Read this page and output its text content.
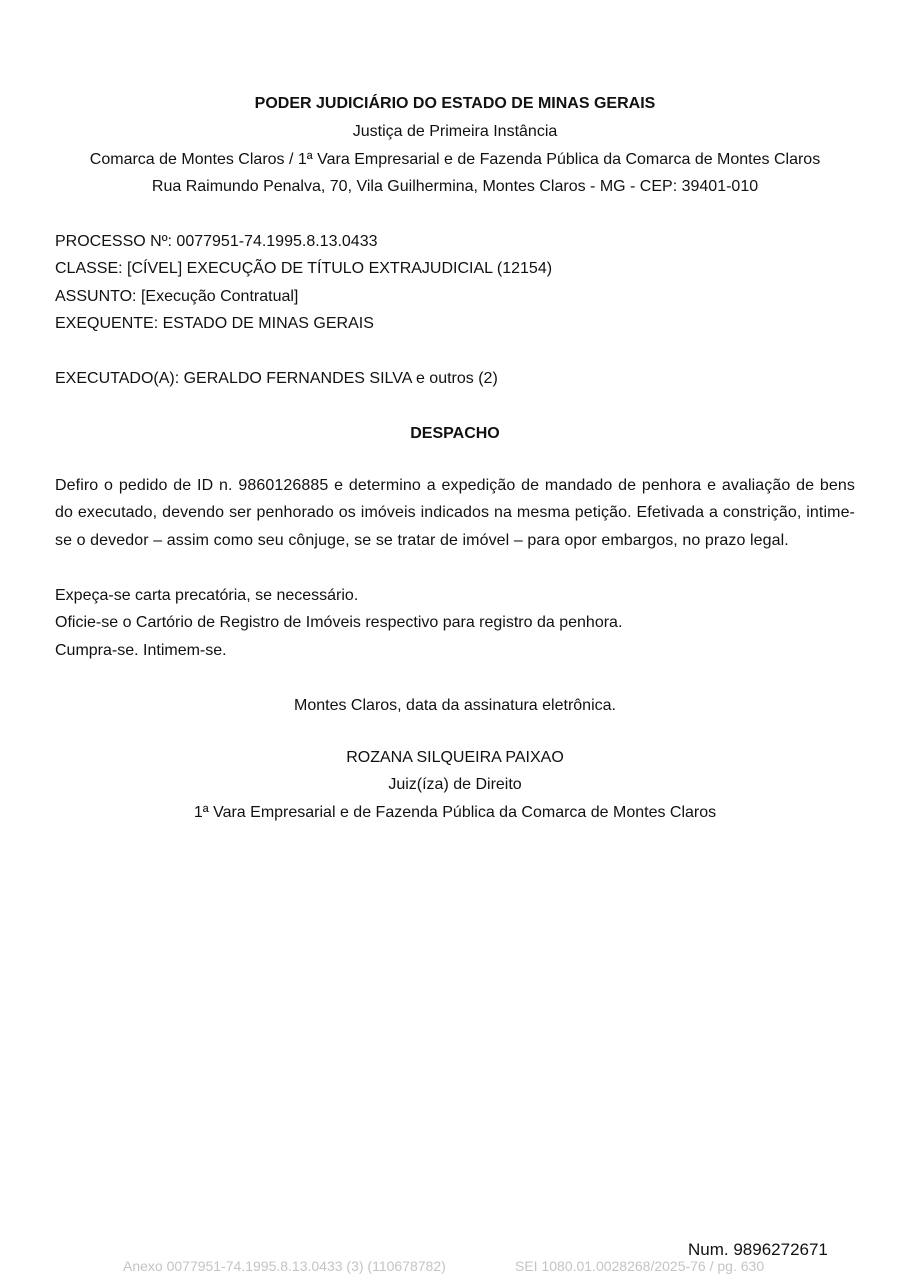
PODER JUDICIÁRIO DO ESTADO DE MINAS GERAIS
Justiça de Primeira Instância
Comarca de Montes Claros / 1ª Vara Empresarial e de Fazenda Pública da Comarca de Montes Claros
Rua Raimundo Penalva, 70, Vila Guilhermina, Montes Claros - MG - CEP: 39401-010
PROCESSO Nº: 0077951-74.1995.8.13.0433
CLASSE: [CÍVEL] EXECUÇÃO DE TÍTULO EXTRAJUDICIAL (12154)
ASSUNTO: [Execução Contratual]
EXEQUENTE: ESTADO DE MINAS GERAIS
EXECUTADO(A): GERALDO FERNANDES SILVA e outros (2)
DESPACHO
Defiro o pedido de ID n. 9860126885 e determino a expedição de mandado de penhora e avaliação de bens do executado, devendo ser penhorado os imóveis indicados na mesma petição. Efetivada a constrição, intime-se o devedor – assim como seu cônjuge, se se tratar de imóvel – para opor embargos, no prazo legal.
Expeça-se carta precatória, se necessário.
Oficie-se o Cartório de Registro de Imóveis respectivo para registro da penhora.
Cumpra-se. Intimem-se.
Montes Claros, data da assinatura eletrônica.
ROZANA SILQUEIRA PAIXAO
Juiz(íza) de Direito
1ª Vara Empresarial e de Fazenda Pública da Comarca de Montes Claros
Num. 9896272671
Anexo 0077951-74.1995.8.13.0433 (3) (110678782)	SEI 1080.01.0028268/2025-76 / pg. 630
